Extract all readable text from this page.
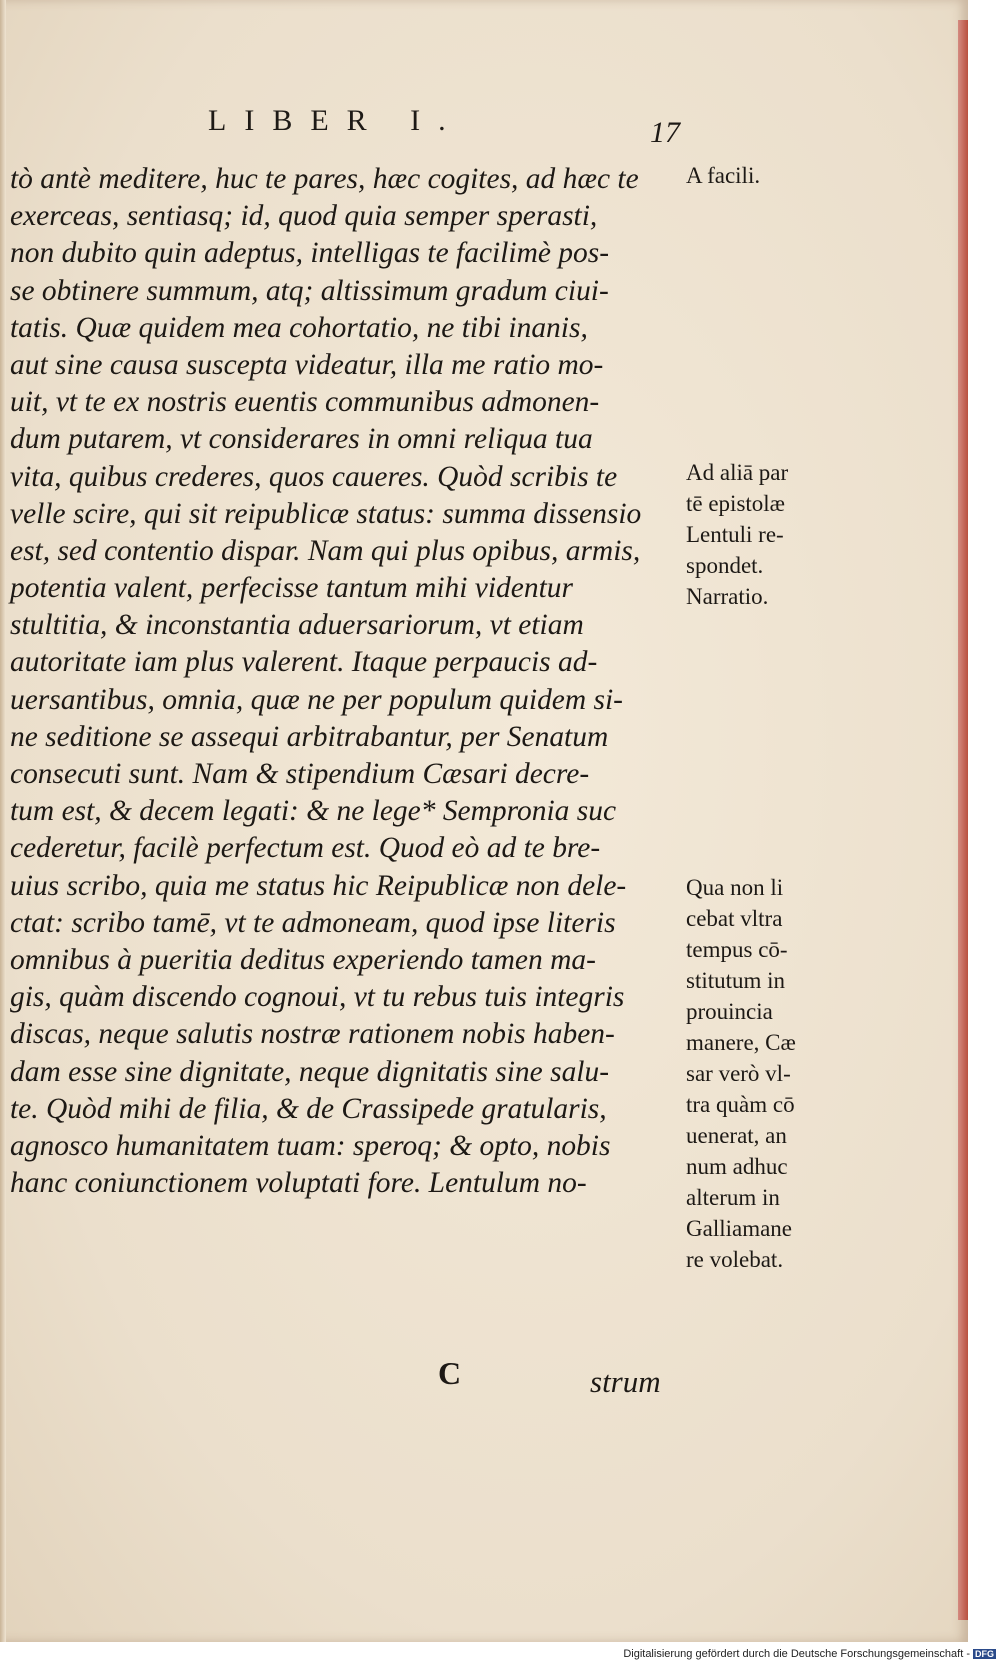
LIBER I.	17
tò antè meditere, huc te pares, hæc cogites, ad hæc te
exerceas, sentiasq; id, quod quia semper sperasti,
non dubito quin adeptus, intelligas te facilimè pos-
se obtinere summum, atq; altissimum gradum ciui-
tatis. Quæ quidem mea cohortatio, ne tibi inanis,
aut sine causa suscepta videatur, illa me ratio mo-
uit, vt te ex nostris euentis communibus admonen-
dum putarem, vt considerares in omni reliqua tua
vita, quibus crederes, quos caueres. Quòd scribis te
velle scire, qui sit reipublicæ status: summa dissensio
est, sed contentio dispar. Nam qui plus opibus, armis,
potentia valent, perfecisse tantum mihi videntur
stultitia, & inconstantia aduersariorum, vt etiam
autoritate iam plus valerent. Itaque perpaucis ad-
uersantibus, omnia, quæ ne per populum quidem si-
ne seditione se assequi arbitrabantur, per Senatum
consecuti sunt. Nam & stipendium Cæsari decre-
tum est, & decem legati: & ne lege* Sempronia suc
cederetur, facilè perfectum est. Quod eò ad te bre-
uius scribo, quia me status hic Reipublicæ non dele-
ctat: scribo tamē, vt te admoneam, quod ipse literis
omnibus à pueritia deditus experiendo tamen ma-
gis, quàm discendo cognoui, vt tu rebus tuis integris
discas, neque salutis nostræ rationem nobis haben-
dam esse sine dignitate, neque dignitatis sine salu-
te. Quòd mihi de filia, & de Crassipede gratularis,
agnosco humanitatem tuam: speroq; & opto, nobis
hanc coniunctionem voluptati fore. Lentulum no-
A facili.
Ad aliā par
tē epistolæ
Lentuli re-
spondet.
Narratio.
Qua non li
cebat vltra
tempus cō-
stitutum in
prouincia
manere, Cæ
sar verò vl-
tra quàm cō
uenerat, an
num adhuc
alterum in
Galliamane
re volebat.
C	strum
Digitalisierung gefördert durch die Deutsche Forschungsgemeinschaft - DFG
